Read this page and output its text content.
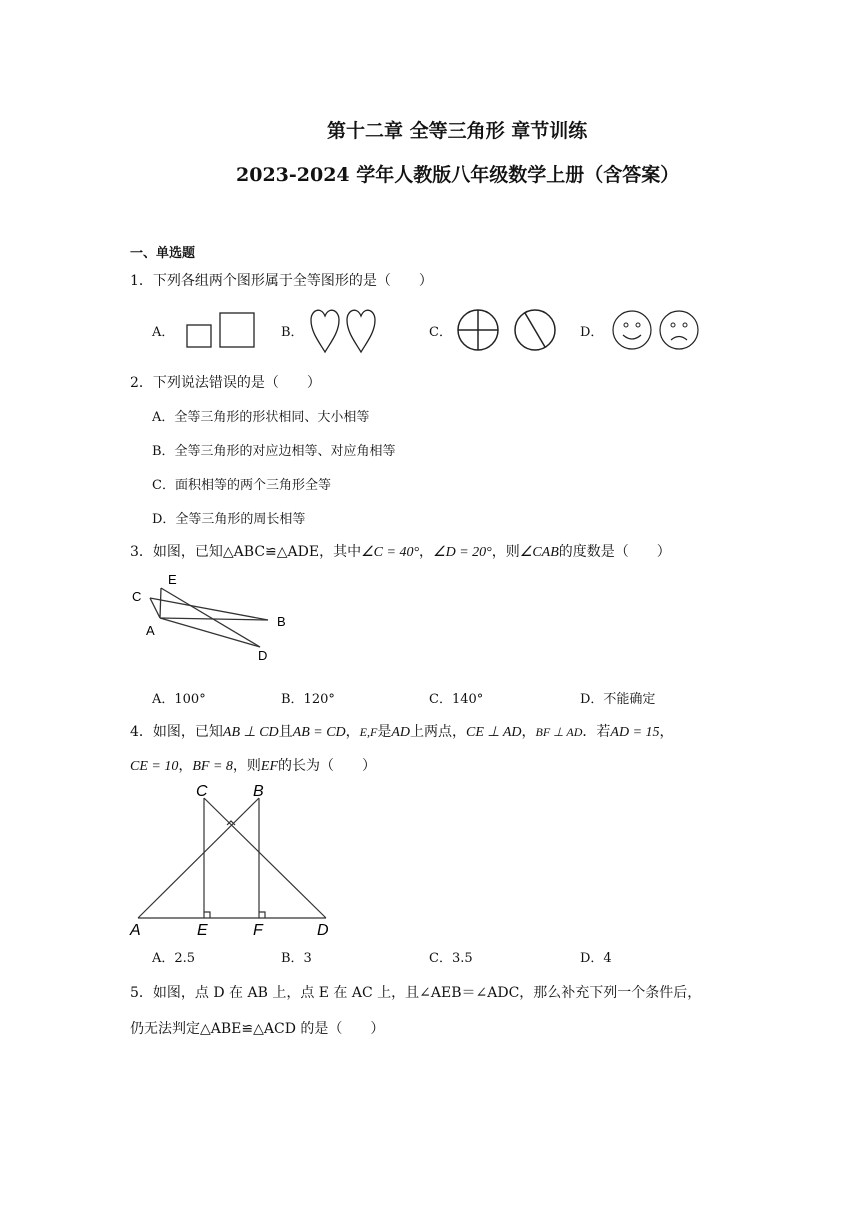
第十二章 全等三角形 章节训练
2023-2024 学年人教版八年级数学上册（含答案）
一、单选题
1．下列各组两个图形属于全等图形的是（　　）
A．	B．	C．	D．
2．下列说法错误的是（　　）
A．全等三角形的形状相同、大小相等
B．全等三角形的对应边相等、对应角相等
C．面积相等的两个三角形全等
D．全等三角形的周长相等
3．如图，已知△ABC≌△ADE，其中∠C = 40°，∠D = 20°，则∠CAB的度数是（　　）
C
E
A
B
D
A．100°	B．120°	C．140°	D．不能确定
4．如图，已知AB ⊥ CD且AB = CD，E,F是AD上两点，CE ⊥ AD，BF ⊥ AD．若AD = 15，
CE = 10，BF = 8，则EF的长为（　　）
C	B
A	E	F	D
A．2.5	B．3	C．3.5	D．4
5．如图，点 D 在 AB 上，点 E 在 AC 上，且∠AEB＝∠ADC，那么补充下列一个条件后，
仍无法判定△ABE≌△ACD 的是（　　）
